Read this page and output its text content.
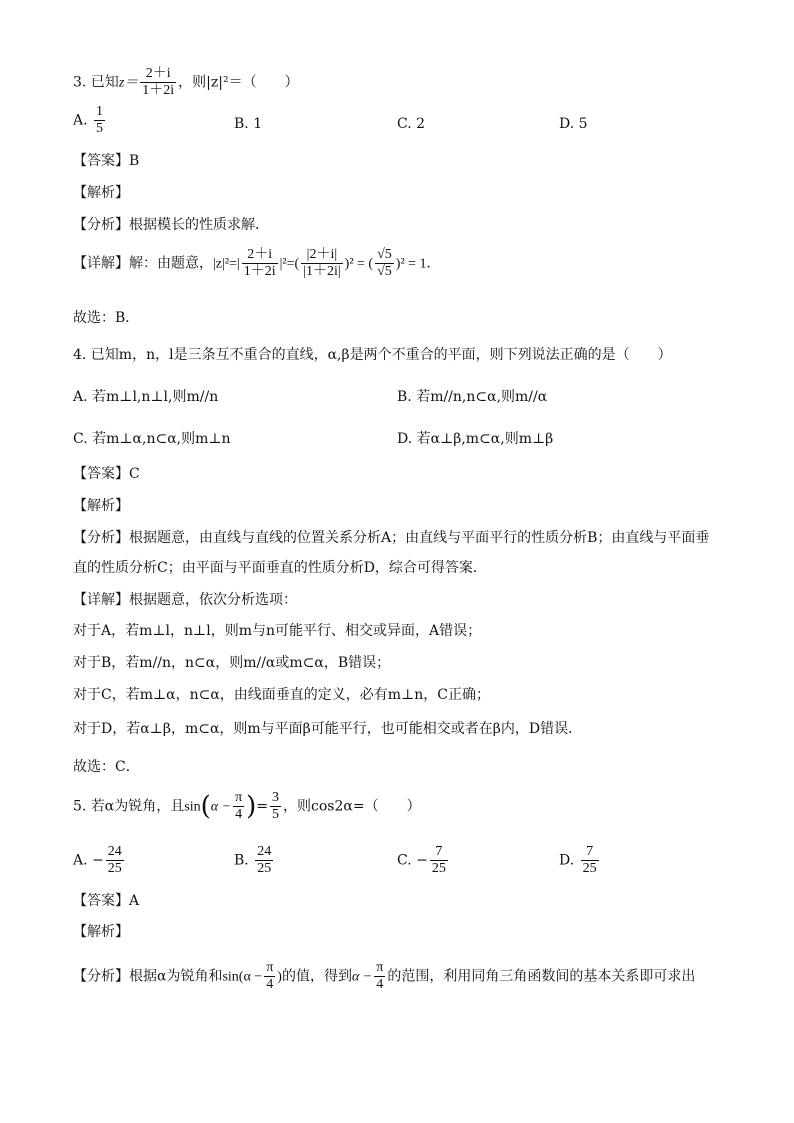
3. 已知$z= \frac{2+i}{1+2i}$ ，则|z|²＝（　　）
A. $\frac{1}{5}$	B. 1	C. 2	D. 5
【答案】B
【解析】
【分析】根据模长的性质求解．
【详解】解：由题意，$|z|^2=| \frac{2+i}{1+2i} |^2=( \frac{|2+i|}{|1+2i|} )^2$ = ( $\frac{√5}{√5} )^2 = 1$．
故选：B．
4. 已知m，n，l是三条互不重合的直线，α,β是两个不重合的平面，则下列说法正确的是（　　）
A. 若m⊥l,n⊥l,则m//n	B. 若m//n,n⊂α,则m//α
C. 若m⊥α,n⊂α,则m⊥n	D. 若α⊥β,m⊂α,则m⊥β
【答案】C
【解析】
【分析】根据题意，由直线与直线的位置关系分析A；由直线与平面平行的性质分析B；由直线与平面垂
直的性质分析C；由平面与平面垂直的性质分析D，综合可得答案．
【详解】根据题意，依次分析选项：
对于A，若m⊥l，n⊥l，则m与n可能平行、相交或异面，A错误；
对于B，若m//n，n⊂α，则m//α或m⊂α，B错误；
对于C，若m⊥α，n⊂α，由线面垂直的定义，必有m⊥n，C正确；
对于D，若α⊥β，m⊂α，则m与平面β可能平行，也可能相交或者在β内，D错误．
故选：C．
5. 若α为锐角，且$\sin(\alpha - \frac{\pi}{4}$ )= $\frac{3}{5}$ ，则cos2α=（　　）
A. − $\frac{24}{25}$	B. $\frac{24}{25}$	C. − $\frac{7}{25}$	D. $\frac{7}{25}$
【答案】A
【解析】
【分析】根据α为锐角和$\sin(\alpha - \frac{\pi}{4}$ )的值，得到$\alpha - \frac{\pi}{4}$ 的范围，利用同角三角函数间的基本关系即可求出
